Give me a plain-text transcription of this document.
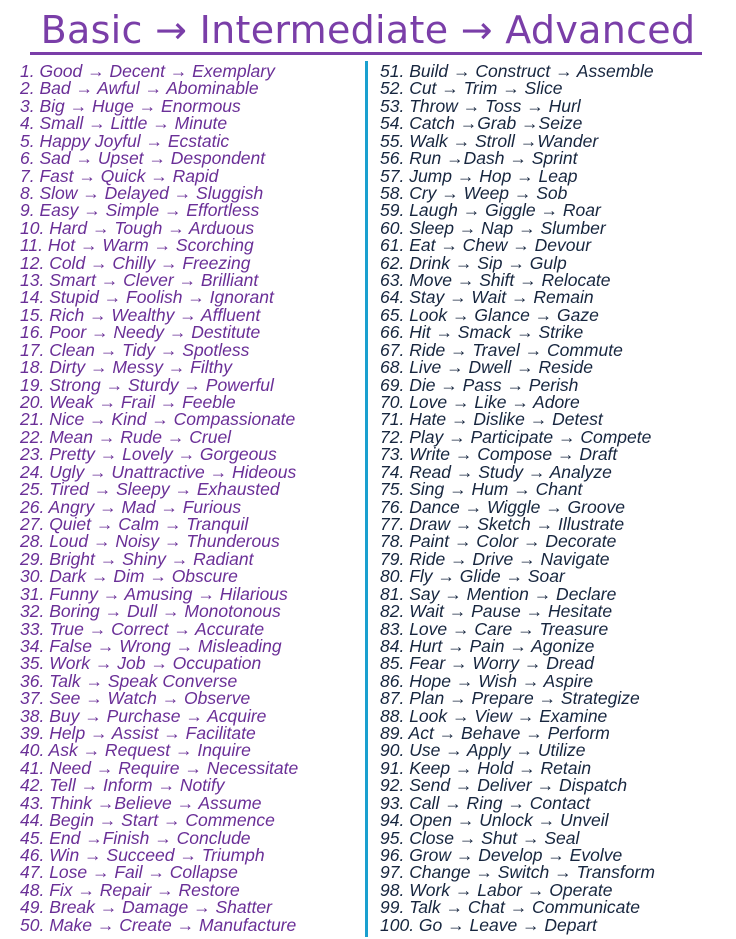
Basic → Intermediate → Advanced
1. Good → Decent → Exemplary
2. Bad → Awful → Abominable
3. Big → Huge → Enormous
4. Small → Little → Minute
5. Happy Joyful → Ecstatic
6. Sad → Upset → Despondent
7. Fast → Quick → Rapid
8. Slow → Delayed → Sluggish
9. Easy → Simple → Effortless
10. Hard → Tough → Arduous
11. Hot → Warm → Scorching
12. Cold → Chilly → Freezing
13. Smart → Clever → Brilliant
14. Stupid → Foolish → Ignorant
15. Rich → Wealthy → Affluent
16. Poor → Needy → Destitute
17. Clean → Tidy → Spotless
18. Dirty → Messy → Filthy
19. Strong → Sturdy → Powerful
20. Weak → Frail → Feeble
21. Nice → Kind → Compassionate
22. Mean → Rude → Cruel
23. Pretty → Lovely → Gorgeous
24. Ugly → Unattractive → Hideous
25. Tired → Sleepy → Exhausted
26. Angry → Mad → Furious
27. Quiet → Calm → Tranquil
28. Loud → Noisy → Thunderous
29. Bright → Shiny → Radiant
30. Dark → Dim → Obscure
31. Funny → Amusing → Hilarious
32. Boring → Dull → Monotonous
33. True → Correct → Accurate
34. False → Wrong → Misleading
35. Work → Job → Occupation
36. Talk → Speak Converse
37. See → Watch → Observe
38. Buy → Purchase → Acquire
39. Help → Assist → Facilitate
40. Ask → Request → Inquire
41. Need → Require → Necessitate
42. Tell → Inform → Notify
43. Think →Believe → Assume
44. Begin → Start → Commence
45. End →Finish → Conclude
46. Win → Succeed → Triumph
47. Lose → Fail → Collapse
48. Fix → Repair → Restore
49. Break → Damage → Shatter
50. Make → Create → Manufacture
51. Build → Construct → Assemble
52. Cut → Trim → Slice
53. Throw → Toss → Hurl
54. Catch →Grab →Seize
55. Walk → Stroll →Wander
56. Run →Dash → Sprint
57. Jump → Hop → Leap
58. Cry → Weep → Sob
59. Laugh → Giggle → Roar
60. Sleep → Nap → Slumber
61. Eat → Chew → Devour
62. Drink → Sip → Gulp
63. Move → Shift → Relocate
64. Stay → Wait → Remain
65. Look → Glance → Gaze
66. Hit → Smack → Strike
67. Ride → Travel → Commute
68. Live → Dwell → Reside
69. Die → Pass → Perish
70. Love → Like → Adore
71. Hate → Dislike → Detest
72. Play → Participate → Compete
73. Write → Compose → Draft
74. Read → Study → Analyze
75. Sing → Hum → Chant
76. Dance → Wiggle → Groove
77. Draw → Sketch → Illustrate
78. Paint → Color → Decorate
79. Ride → Drive → Navigate
80. Fly → Glide → Soar
81. Say → Mention → Declare
82. Wait → Pause → Hesitate
83. Love → Care → Treasure
84. Hurt → Pain → Agonize
85. Fear → Worry → Dread
86. Hope → Wish → Aspire
87. Plan → Prepare → Strategize
88. Look → View → Examine
89. Act → Behave → Perform
90. Use → Apply → Utilize
91. Keep → Hold → Retain
92. Send → Deliver → Dispatch
93. Call → Ring → Contact
94. Open → Unlock → Unveil
95. Close → Shut → Seal
96. Grow → Develop → Evolve
97. Change → Switch → Transform
98. Work → Labor → Operate
99. Talk → Chat → Communicate
100. Go → Leave → Depart
